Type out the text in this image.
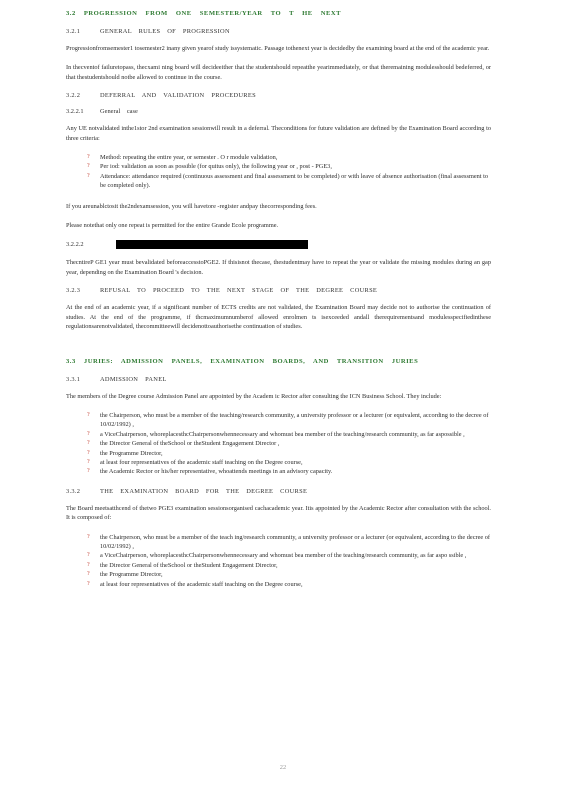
3.2 PROGRESSION FROM ONE SEMESTER/YEAR TO T HE NEXT
3.2.1	GENERAL RULES OF PROGRESSION

Progressionfromsemester1 tosemester2 inany given yearof study issystematic. Passage tothenext year is decidedby the examining board at the end of the academic year.

In thecventof failuretopass, thecxami ning board will decideeither that the studentshould repeatthe yearimmediately, or that theremaining modulesshould bedeferred, or that thestudentshould notbe allowed to continue in the course.

3.2.2	DEFERRAL AND VALIDATION PROCEDURES
3.2.2.1	General case

Any UE notvalidated inthe1stor 2nd examination sessionwill result in a deferral. Theconditions for future validation are defined by the Examination Board according to three criteria:

? Method: repeating the entire year, or semester . O r module validation,
? Per iod: validation as soon as possible (for quitus only), the following year or , post - PGE3,
? Attendance: attendance required (continuous assessment and final assessment to be completed) or with leave of absence authorisation (final assessment to be completed only).

If you areunablctosit the2ndexamsession, you will havetore -register andpay thecorresponding fees.

Please notethat only one repeat is permitted for the entire Grande Ecole programme.

3.2.2.2

ThecntireP GE1 year must bevalidated beforeaccesstoPGE2. If thisisnot thecase, thestudentmay have to repeat the year or validate the missing modules during an gap year, depending on the Examination Board 's decision.

3.2.3	REFUSAL TO PROCEED TO THE NEXT STAGE OF THE DEGREE COURSE

At the end of an academic year, if a significant number of ECTS credits are not validated, the Examination Board may decide not to authorise the continuation of studies. At the end of the programme, if thcmaximumnumberof allowed enrolmen ts isexceeded andall therequirementsand modulesspecifiedinthese regulationsarenotvalidated, thecommitteewill decidenottoauthorisethe continuation of studies.

3.3 JURIES: ADMISSION PANELS, EXAMINATION BOARDS, AND TRANSITION JURIES
3.3.1	ADMISSION PANEL

The members of the Degree course Admission Panel are appointed by the Academ ic Rector after consulting the ICN Business School. They include:

? the Chairperson, who must be a member of the teaching/research community, a university professor or a lecturer (or equivalent, according to the decree of 10/02/1992) ,
? a ViceChairperson, whoreplacesthcChairpersonwhennecessary and whomust bea member of the teaching/research community, as far aspossible ,
? the Director General of theSchool or theStudent Engagement Director ,
? the Programme Director,
? at least four representatives of the academic staff teaching on the Degree course,
? the Academic Rector or his/her representative, whoattends meetings in an advisory capacity.
3.3.2	THE EXAMINATION BOARD FOR THE DEGREE COURSE

The Board meetsatthcend of thetwo PGE3 examination sessionsorganised cachacademic year. Itis appointed by the Academic Rector after consultation with the school. It is composed of:

? the Chairperson, who must be a member of the teach ing/research community, a university professor or a lecturer (or equivalent, according to the decree of 10/02/1992) ,
? a ViceChairperson, whoreplacesthcChairpersonwhennecessary and whomust bea member of the teaching/research community, as far aspo ssible ,
? the Director General of theSchool or theStudent Engagement Director,
? the Programme Director,
? at least four representatives of the academic staff teaching on the Degree course,
22
